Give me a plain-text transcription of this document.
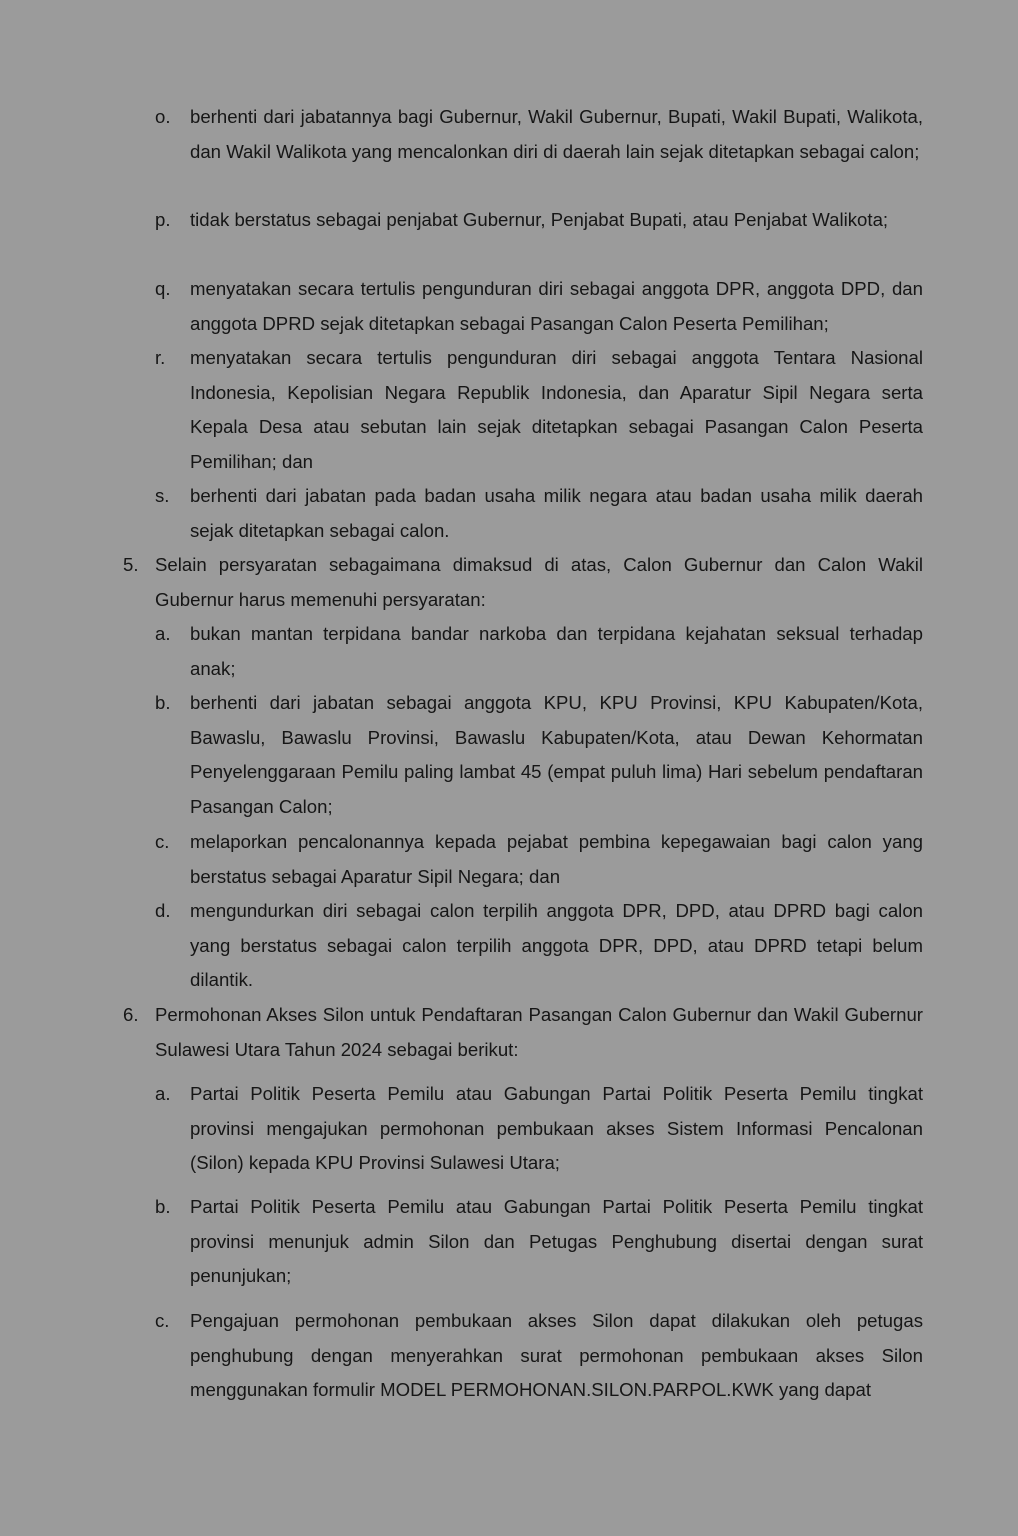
o. berhenti dari jabatannya bagi Gubernur, Wakil Gubernur, Bupati, Wakil Bupati, Walikota, dan Wakil Walikota yang mencalonkan diri di daerah lain sejak ditetapkan sebagai calon;
p. tidak berstatus sebagai penjabat Gubernur, Penjabat Bupati, atau Penjabat Walikota;
q. menyatakan secara tertulis pengunduran diri sebagai anggota DPR, anggota DPD, dan anggota DPRD sejak ditetapkan sebagai Pasangan Calon Peserta Pemilihan;
r. menyatakan secara tertulis pengunduran diri sebagai anggota Tentara Nasional Indonesia, Kepolisian Negara Republik Indonesia, dan Aparatur Sipil Negara serta Kepala Desa atau sebutan lain sejak ditetapkan sebagai Pasangan Calon Peserta Pemilihan; dan
s. berhenti dari jabatan pada badan usaha milik negara atau badan usaha milik daerah sejak ditetapkan sebagai calon.
5. Selain persyaratan sebagaimana dimaksud di atas, Calon Gubernur dan Calon Wakil Gubernur harus memenuhi persyaratan:
a. bukan mantan terpidana bandar narkoba dan terpidana kejahatan seksual terhadap anak;
b. berhenti dari jabatan sebagai anggota KPU, KPU Provinsi, KPU Kabupaten/Kota, Bawaslu, Bawaslu Provinsi, Bawaslu Kabupaten/Kota, atau Dewan Kehormatan Penyelenggaraan Pemilu paling lambat 45 (empat puluh lima) Hari sebelum pendaftaran Pasangan Calon;
c. melaporkan pencalonannya kepada pejabat pembina kepegawaian bagi calon yang berstatus sebagai Aparatur Sipil Negara; dan
d. mengundurkan diri sebagai calon terpilih anggota DPR, DPD, atau DPRD bagi calon yang berstatus sebagai calon terpilih anggota DPR, DPD, atau DPRD tetapi belum dilantik.
6. Permohonan Akses Silon untuk Pendaftaran Pasangan Calon Gubernur dan Wakil Gubernur Sulawesi Utara Tahun 2024 sebagai berikut:
a. Partai Politik Peserta Pemilu atau Gabungan Partai Politik Peserta Pemilu tingkat provinsi mengajukan permohonan pembukaan akses Sistem Informasi Pencalonan (Silon) kepada KPU Provinsi Sulawesi Utara;
b. Partai Politik Peserta Pemilu atau Gabungan Partai Politik Peserta Pemilu tingkat provinsi menunjuk admin Silon dan Petugas Penghubung disertai dengan surat penunjukan;
c. Pengajuan permohonan pembukaan akses Silon dapat dilakukan oleh petugas penghubung dengan menyerahkan surat permohonan pembukaan akses Silon menggunakan formulir MODEL PERMOHONAN.SILON.PARPOL.KWK yang dapat
